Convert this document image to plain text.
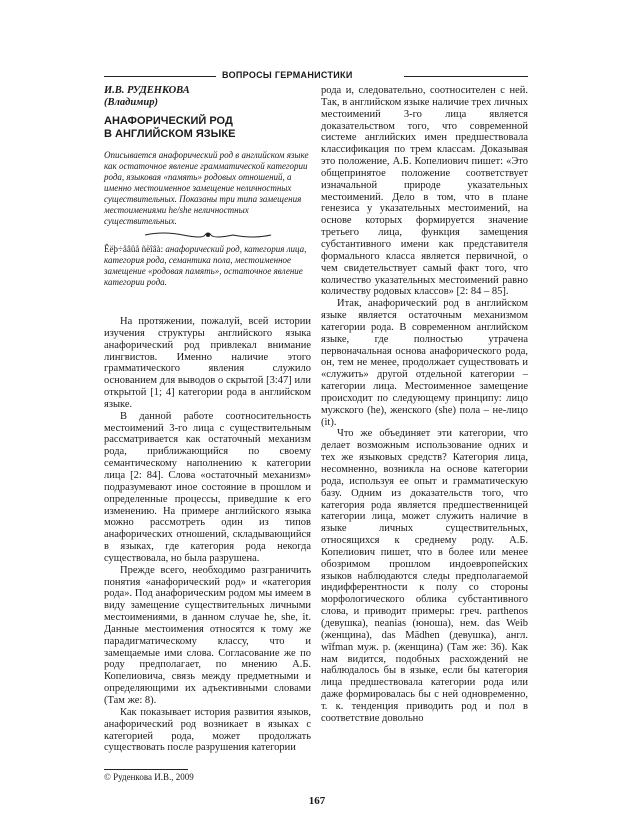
ВОПРОСЫ ГЕРМАНИСТИКИ
И.В. РУДЕНКОВА
(Владимир)
АНАФОРИЧЕСКИЙ РОД
В АНГЛИЙСКОМ ЯЗЫКЕ
Описывается анафорический род в английском языке как остаточное явление грамматической категории рода, языковая «память» родовых отношений, а именно местоименное замещение неличностных существительных. Показаны три типа замещения местоимениями he/she неличностных существительных.
Êëþ÷åâûå ñëîâà: анафорический род, категория лица, категория рода, семантика пола, местоименное замещение «родовая память», остаточное явление категории рода.

На протяжении, пожалуй, всей истории изучения структуры английского языка анафорический род привлекал внимание лингвистов. Именно наличие этого грамматического явления служило основанием для выводов о скрытой [3:47] или открытой [1; 4] категории рода в английском языке.

В данной работе соотносительность местоимений 3-го лица с существительным рассматривается как остаточный механизм рода, приближающийся по своему семантическому наполнению к категории лица [2: 84]. Слова «остаточный механизм» подразумевают иное состояние в прошлом и определенные процессы, приведшие к его изменению. На примере английского языка можно рассмотреть один из типов анафорических отношений, складывающийся в языках, где категория рода некогда существовала, но была разрушена.

Прежде всего, необходимо разграничить понятия «анафорический род» и «категория рода». Под анафорическим родом мы имеем в виду замещение существительных личными местоимениями, в данном случае he, she, it. Данные местоимения относятся к тому же парадигматическому классу, что и замещаемые ими слова. Согласование же по роду предполагает, по мнению А.Б. Копелиовича, связь между предметными и определяющими их адъективными словами (Там же: 8).

Как показывает история развития языков, анафорический род возникает в языках с категорией рода, может продолжать существовать после разрушения категории

рода и, следовательно, соотносителен с ней. Так, в английском языке наличие трех личных местоимений 3-го лица является доказательством того, что современной системе английских имен предшествовала классификация по трем классам. Доказывая это положение, А.Б. Копелиович пишет: «Это общепринятое положение соответствует изначальной природе указательных местоимений. Дело в том, что в плане генезиса у указательных местоимений, на основе которых формируется значение третьего лица, функция замещения субстантивного имени как представителя формального класса является первичной, о чем свидетельствует самый факт того, что количество указательных местоимений равно количеству родовых классов» [2: 84 – 85].

Итак, анафорический род в английском языке является остаточным механизмом категории рода. В современном английском языке, где полностью утрачена первоначальная основа анафорического рода, он, тем не менее, продолжает существовать и «служить» другой отдельной категории – категории лица. Местоименное замещение происходит по следующему принципу: лицо мужского (he), женского (she) пола – не-лицо (it).

Что же объединяет эти категории, что делает возможным использование одних и тех же языковых средств? Категория лица, несомненно, возникла на основе категории рода, используя ее опыт и грамматическую базу. Одним из доказательств того, что категория рода является предшественницей категории лица, может служить наличие в языке личных существительных, относящихся к среднему роду. А.Б. Копелиович пишет, что в более или менее обозримом прошлом индоевропейских языков наблюдаются следы предполагаемой индифферентности к полу со стороны морфологического облика субстантивного слова, и приводит примеры: греч. parthenos (девушка), neanias (юноша), нем. das Weib (женщина), das Mädhen (девушка), англ. wīfman муж. р. (женщина) (Там же: 36). Как нам видится, подобных расхождений не наблюдалось бы в языке, если бы категория лица предшествовала категории рода или даже формировалась бы с ней одновременно, т. к. тенденция приводить род и пол в соответствие довольно

© Руденкова И.В., 2009
167
